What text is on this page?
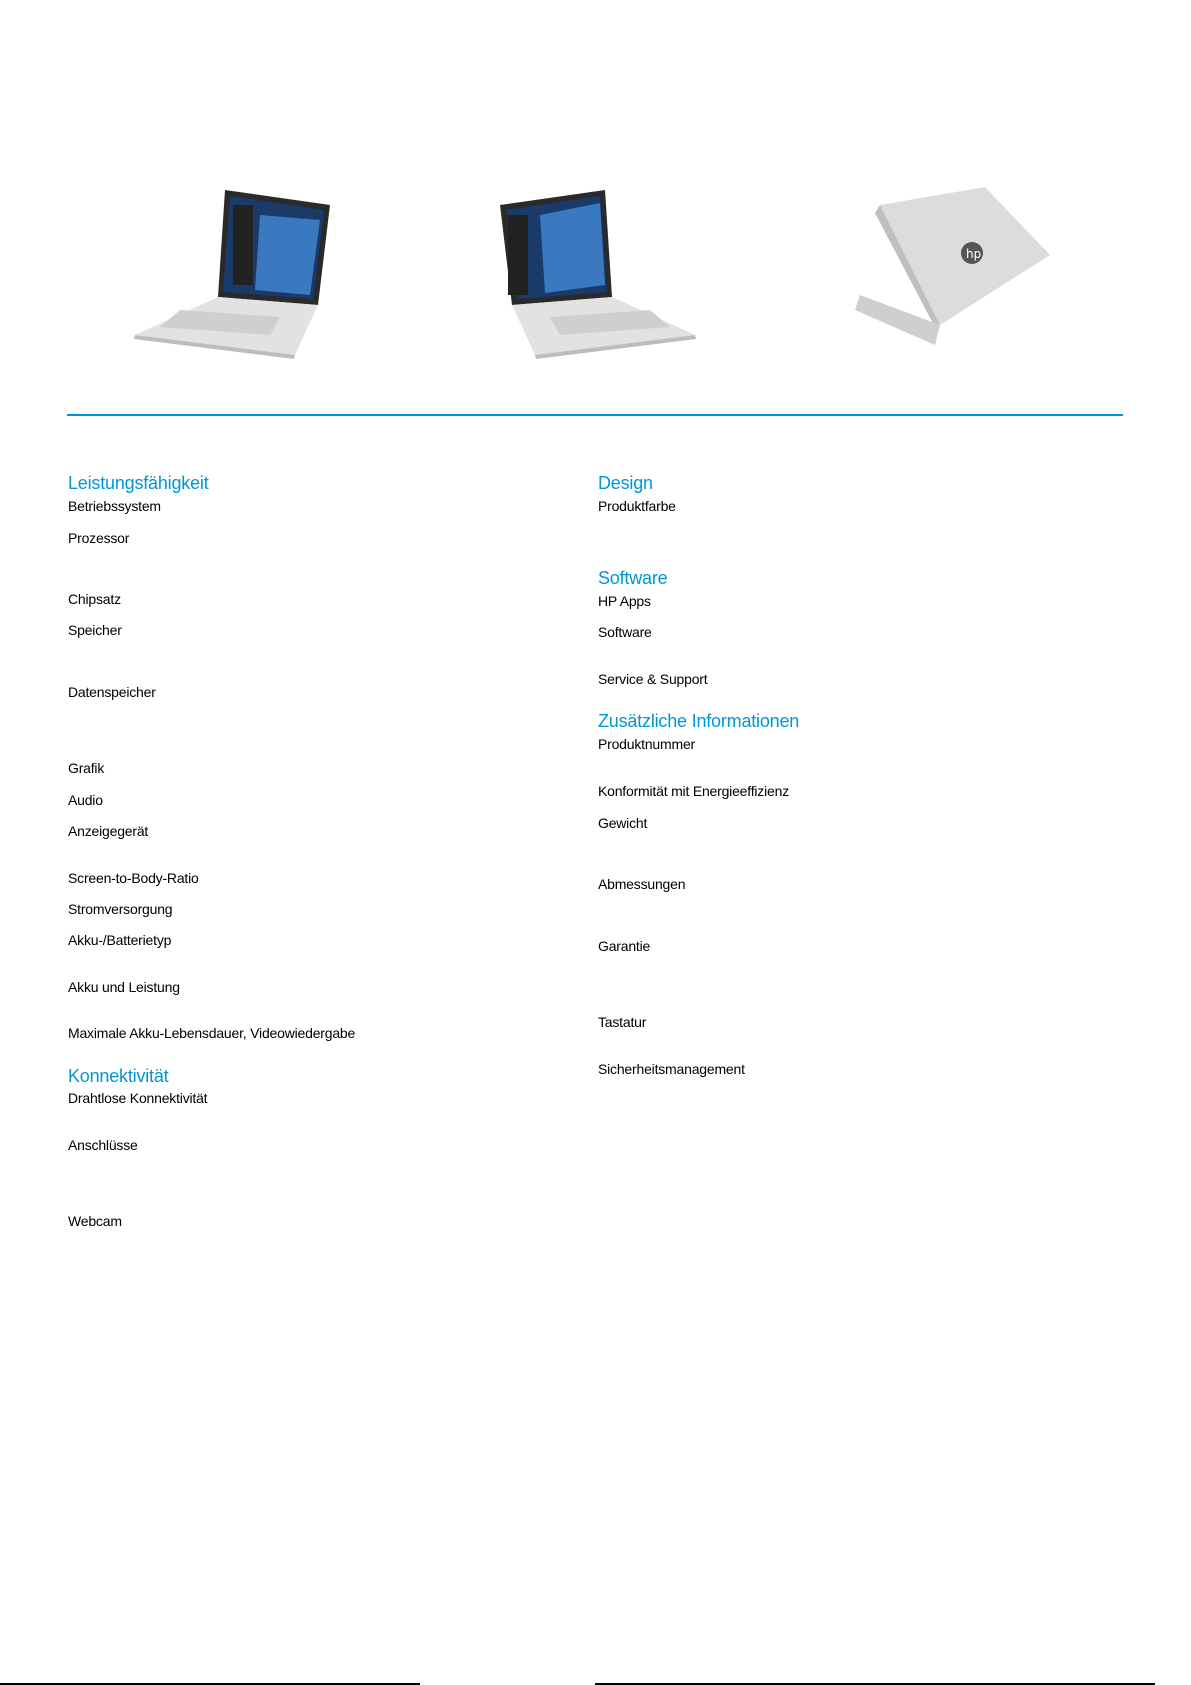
hp
Leistungsfähigkeit
Betriebssystem
Prozessor
Chipsatz
Speicher
Datenspeicher
Grafik
Audio
Anzeigegerät
Screen-to-Body-Ratio
Stromversorgung
Akku-/Batterietyp
Akku und Leistung
Maximale Akku-Lebensdauer, Videowiedergabe
Konnektivität
Drahtlose Konnektivität
Anschlüsse
Webcam
Design
Produktfarbe
Software
HP Apps
Software
Service & Support
Zusätzliche Informationen
Produktnummer
Konformität mit Energieeffizienz
Gewicht
Abmessungen
Garantie
Tastatur
Sicherheitsmanagement
